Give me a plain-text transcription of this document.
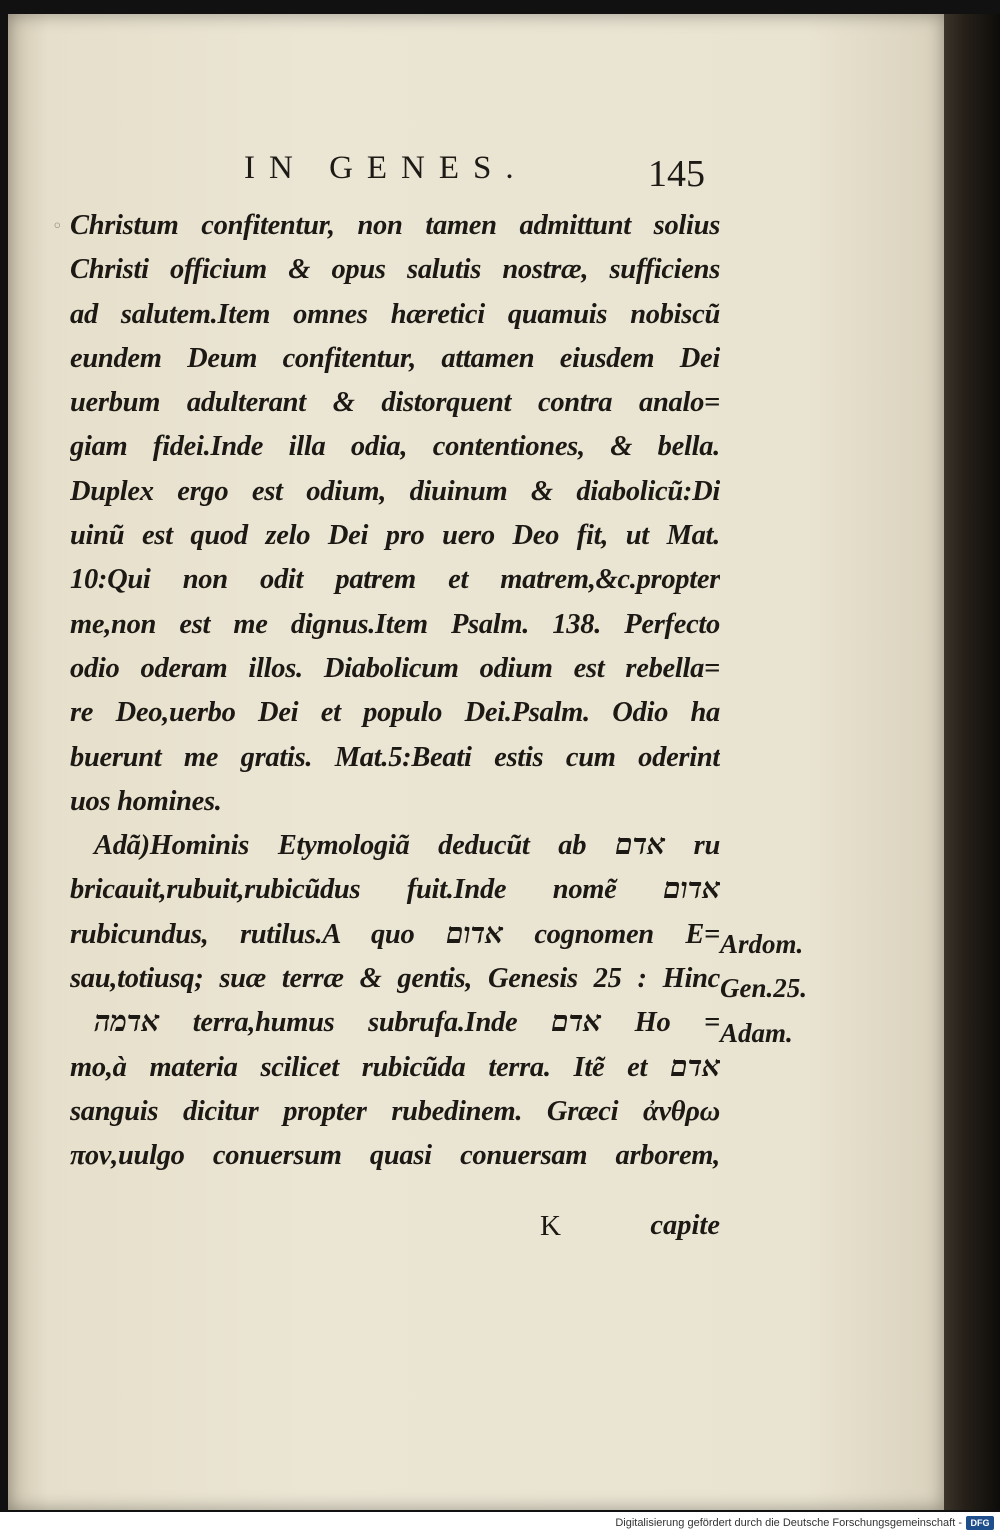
◦
IN GENES.	145
Christum confitentur, non tamen admittunt solius
Christi officium & opus salutis nostræ, sufficiens
ad salutem.Item omnes hæretici quamuis nobiscũ
eundem Deum confitentur, attamen eiusdem Dei
uerbum adulterant & distorquent contra analo=
giam fidei.Inde illa odia, contentiones, & bella.
Duplex ergo est odium, diuinum & diabolicũ:Di
uinũ est quod zelo Dei pro uero Deo fit, ut Mat.
10:Qui non odit patrem et matrem,&c.propter
me,non est me dignus.Item Psalm. 138. Perfecto
odio oderam illos. Diabolicum odium est rebella=
re Deo,uerbo Dei et populo Dei.Psalm. Odio ha
buerunt me gratis. Mat.5:Beati estis cum oderint
uos homines.
Adã)Hominis Etymologiã deducũt ab אדם ru
bricauit,rubuit,rubicũdus fuit.Inde nomẽ אדום
rubicundus, rutilus.A quo אדום cognomen E=
sau,totiusq; suæ terræ & gentis, Genesis 25 : Hinc
אדמה terra,humus subrufa.Inde אדם Ho =
mo,à materia scilicet rubicũda terra. Itẽ et אדם
sanguis dicitur propter rubedinem. Græci ἀνθρω
πον,uulgo conuersum quasi conuersam arborem,
Ardom.
Gen.25.
Adam.
K	capite
Digitalisierung gefördert durch die Deutsche Forschungsgemeinschaft - DFG
